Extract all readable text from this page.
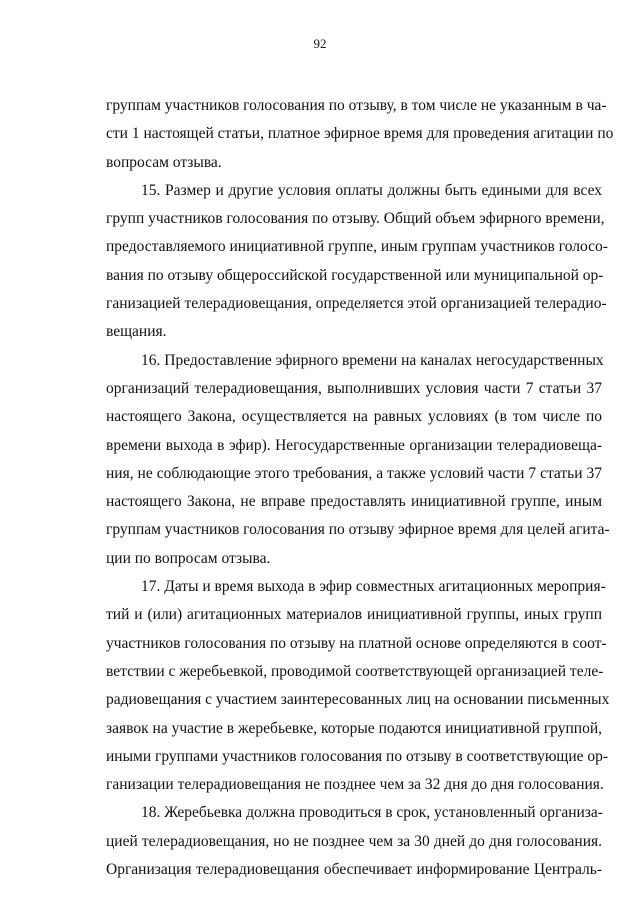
92
группам участников голосования по отзыву, в том числе не указанным в ча-
сти 1 настоящей статьи, платное эфирное время для проведения агитации по
вопросам отзыва.
15. Размер и другие условия оплаты должны быть едиными для всех
групп участников голосования по отзыву. Общий объем эфирного времени,
предоставляемого инициативной группе, иным группам участников голосо-
вания по отзыву общероссийской государственной или муниципальной ор-
ганизацией телерадиовещания, определяется этой организацией телерадио-
вещания.
16. Предоставление эфирного времени на каналах негосударственных
организаций телерадиовещания, выполнивших условия части 7 статьи 37
настоящего Закона, осуществляется на равных условиях (в том числе по
времени выхода в эфир). Негосударственные организации телерадиовеща-
ния, не соблюдающие этого требования, а также условий части 7 статьи 37
настоящего Закона, не вправе предоставлять инициативной группе, иным
группам участников голосования по отзыву эфирное время для целей агита-
ции по вопросам отзыва.
17. Даты и время выхода в эфир совместных агитационных мероприя-
тий и (или) агитационных материалов инициативной группы, иных групп
участников голосования по отзыву на платной основе определяются в соот-
ветствии с жеребьевкой, проводимой соответствующей организацией теле-
радиовещания с участием заинтересованных лиц на основании письменных
заявок на участие в жеребьевке, которые подаются инициативной группой,
иными группами участников голосования по отзыву в соответствующие ор-
ганизации телерадиовещания не позднее чем за 32 дня до дня голосования.
18. Жеребьевка должна проводиться в срок, установленный организа-
цией телерадиовещания, но не позднее чем за 30 дней до дня голосования.
Организация телерадиовещания обеспечивает информирование Централь-
